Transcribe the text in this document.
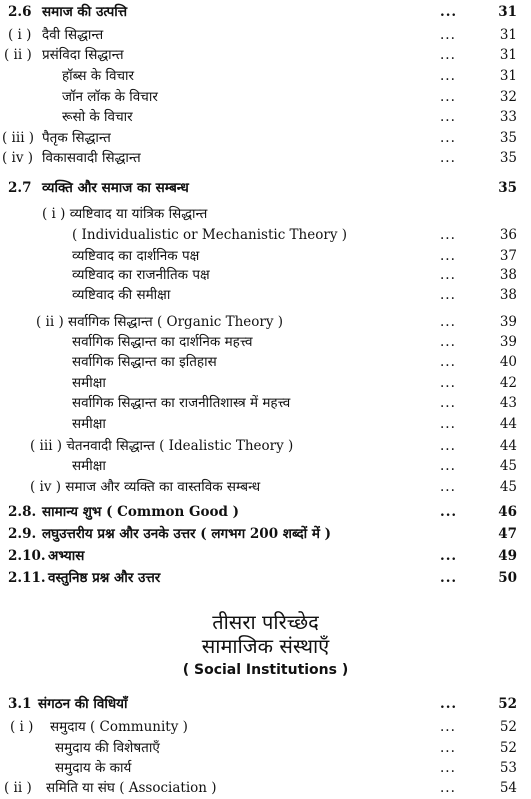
2.6 समाज की उत्पत्ति	...	31
( i ) दैवी सिद्धान्त	...	31
( ii ) प्रसंविदा सिद्धान्त	...	31
हॉब्स के विचार	...	31
जॉन लॉक के विचार	...	32
रूसो के विचार	...	33
( iii ) पैतृक सिद्धान्त	...	35
( iv ) विकासवादी सिद्धान्त	...	35
2.7 व्यक्ति और समाज का सम्बन्ध	35
( i ) व्यष्टिवाद या यांत्रिक सिद्धान्त
( Individualistic or Mechanistic Theory )	...	36
व्यष्टिवाद का दार्शनिक पक्ष	...	37
व्यष्टिवाद का राजनीतिक पक्ष	...	38
व्यष्टिवाद की समीक्षा	...	38
( ii ) सर्वागिक सिद्धान्त ( Organic Theory )	...	39
सर्वागिक सिद्धान्त का दार्शनिक महत्त्व	...	39
सर्वागिक सिद्धान्त का इतिहास	...	40
समीक्षा	...	42
सर्वागिक सिद्धान्त का राजनीतिशास्त्र में महत्त्व	...	43
समीक्षा	...	44
( iii ) चेतनवादी सिद्धान्त ( Idealistic Theory )	...	44
समीक्षा	...	45
( iv ) समाज और व्यक्ति का वास्तविक सम्बन्ध	...	45
2.8. सामान्य शुभ ( Common Good )	...	46
2.9. लघुउत्तरीय प्रश्न और उनके उत्तर ( लगभग 200 शब्दों में )	47
2.10. अभ्यास	...	49
2.11. वस्तुनिष्ठ प्रश्न और उत्तर	...	50
तीसरा परिच्छेद
सामाजिक संस्थाएँ
( Social Institutions )
3.1 संगठन की विधियाँ	...	52
( i ) समुदाय ( Community )	...	52
समुदाय की विशेषताएँ	...	52
समुदाय के कार्य	...	53
( ii ) समिति या संघ ( Association )	...	54
